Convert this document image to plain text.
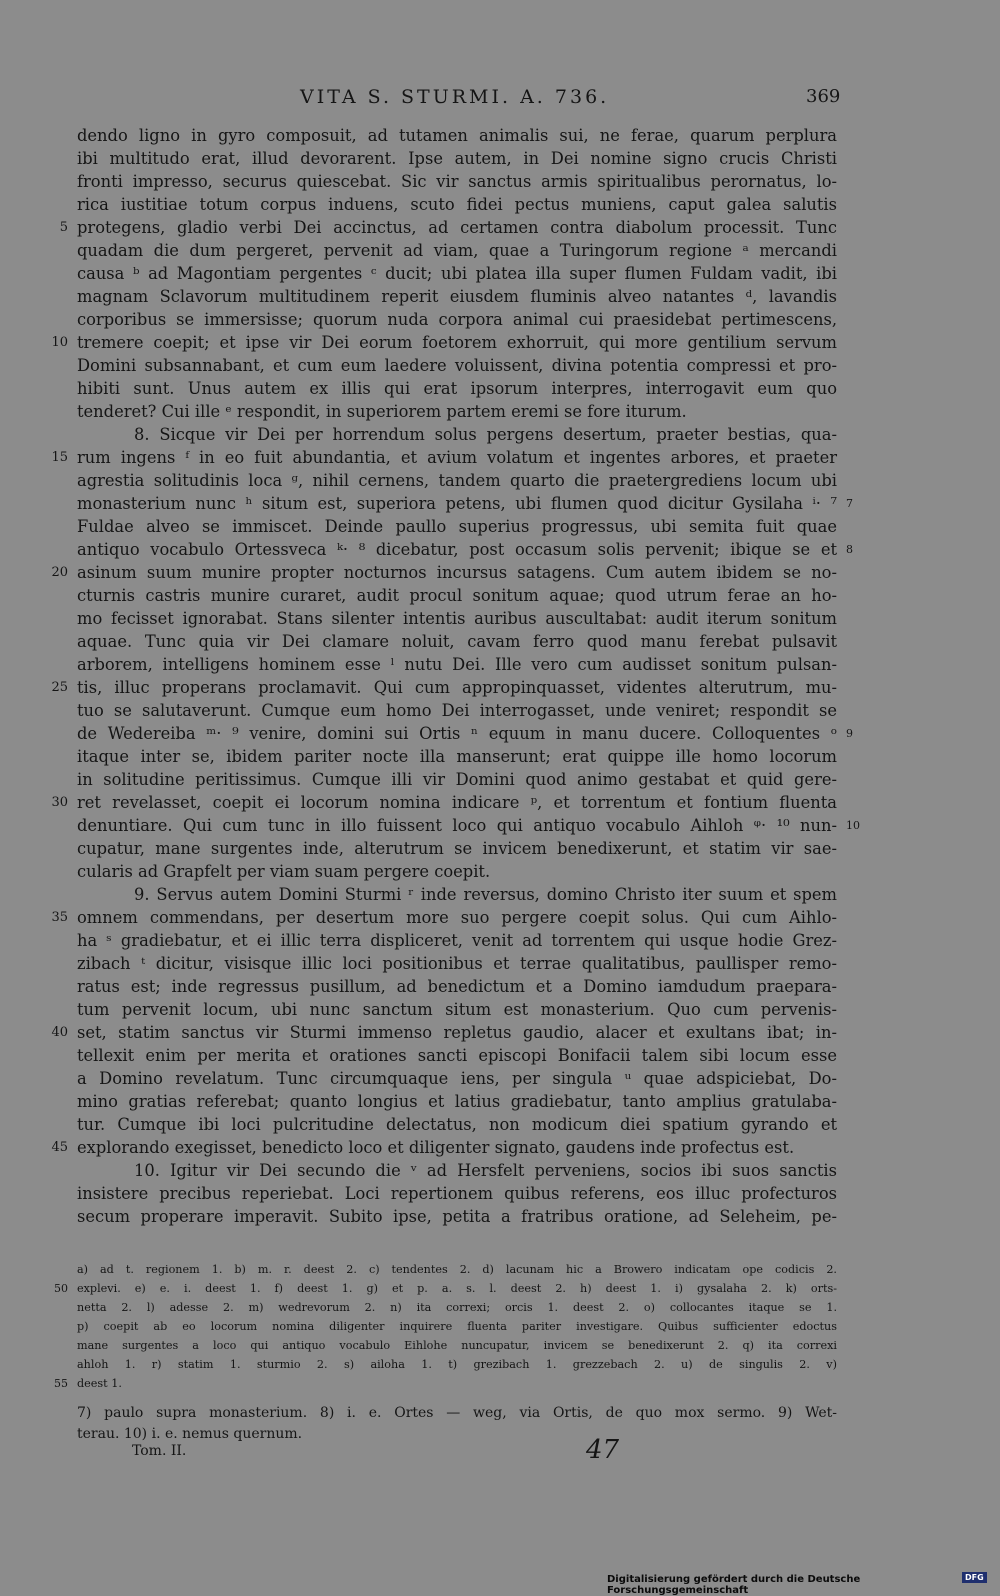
VITA S. STURMI. A. 736.	369
dendo ligno in gyro composuit, ad tutamen animalis sui, ne ferae, quarum perplura
ibi multitudo erat, illud devorarent. Ipse autem, in Dei nomine signo crucis Christi
fronti impresso, securus quiescebat. Sic vir sanctus armis spiritualibus perornatus, lo-
rica iustitiae totum corpus induens, scuto fidei pectus muniens, caput galea salutis
5 protegens, gladio verbi Dei accinctus, ad certamen contra diabolum processit. Tunc
quadam die dum pergeret, pervenit ad viam, quae a Turingorum regione ᵃ mercandi
causa ᵇ ad Magontiam pergentes ᶜ ducit; ubi platea illa super flumen Fuldam vadit, ibi
magnam Sclavorum multitudinem reperit eiusdem fluminis alveo natantes ᵈ, lavandis
corporibus se immersisse; quorum nuda corpora animal cui praesidebat pertimescens,
10 tremere coepit; et ipse vir Dei eorum foetorem exhorruit, qui more gentilium servum
Domini subsannabant, et cum eum laedere voluissent, divina potentia compressi et pro-
hibiti sunt. Unus autem ex illis qui erat ipsorum interpres, interrogavit eum quo
tenderet? Cui ille ᵉ respondit, in superiorem partem eremi se fore iturum.
8. Sicque vir Dei per horrendum solus pergens desertum, praeter bestias, qua-
15 rum ingens ᶠ in eo fuit abundantia, et avium volatum et ingentes arbores, et praeter
agrestia solitudinis loca ᵍ, nihil cernens, tandem quarto die praetergrediens locum ubi
monasterium nunc ʰ situm est, superiora petens, ubi flumen quod dicitur Gysilaha ⁱ· ⁷ 7
Fuldae alveo se immiscet. Deinde paullo superius progressus, ubi semita fuit quae
antiquo vocabulo Ortessveca ᵏ· ⁸ dicebatur, post occasum solis pervenit; ibique se et 8
20 asinum suum munire propter nocturnos incursus satagens. Cum autem ibidem se no-
cturnis castris munire curaret, audit procul sonitum aquae; quod utrum ferae an ho-
mo fecisset ignorabat. Stans silenter intentis auribus auscultabat: audit iterum sonitum
aquae. Tunc quia vir Dei clamare noluit, cavam ferro quod manu ferebat pulsavit
arborem, intelligens hominem esse ˡ nutu Dei. Ille vero cum audisset sonitum pulsan-
25 tis, illuc properans proclamavit. Qui cum appropinquasset, videntes alterutrum, mu-
tuo se salutaverunt. Cumque eum homo Dei interrogasset, unde veniret; respondit se
de Wedereiba ᵐ· ⁹ venire, domini sui Ortis ⁿ equum in manu ducere. Colloquentes ᵒ 9
itaque inter se, ibidem pariter nocte illa manserunt; erat quippe ille homo locorum
in solitudine peritissimus. Cumque illi vir Domini quod animo gestabat et quid gere-
30 ret revelasset, coepit ei locorum nomina indicare ᵖ, et torrentum et fontium fluenta
denuntiare. Qui cum tunc in illo fuissent loco qui antiquo vocabulo Aihloh ᵠ· ¹⁰ nun- 10
cupatur, mane surgentes inde, alterutrum se invicem benedixerunt, et statim vir sae-
cularis ad Grapfelt per viam suam pergere coepit.
9. Servus autem Domini Sturmi ʳ inde reversus, domino Christo iter suum et spem
35 omnem commendans, per desertum more suo pergere coepit solus. Qui cum Aihlo-
ha ˢ gradiebatur, et ei illic terra displiceret, venit ad torrentem qui usque hodie Grez-
zibach ᵗ dicitur, visisque illic loci positionibus et terrae qualitatibus, paullisper remo-
ratus est; inde regressus pusillum, ad benedictum et a Domino iamdudum praepara-
tum pervenit locum, ubi nunc sanctum situm est monasterium. Quo cum pervenis-
40 set, statim sanctus vir Sturmi immenso repletus gaudio, alacer et exultans ibat; in-
tellexit enim per merita et orationes sancti episcopi Bonifacii talem sibi locum esse
a Domino revelatum. Tunc circumquaque iens, per singula ᵘ quae adspiciebat, Do-
mino gratias referebat; quanto longius et latius gradiebatur, tanto amplius gratulaba-
tur. Cumque ibi loci pulcritudine delectatus, non modicum diei spatium gyrando et
45 explorando exegisset, benedicto loco et diligenter signato, gaudens inde profectus est.
10. Igitur vir Dei secundo die ᵛ ad Hersfelt perveniens, socios ibi suos sanctis
insistere precibus reperiebat. Loci repertionem quibus referens, eos illuc profecturos
secum properare imperavit. Subito ipse, petita a fratribus oratione, ad Seleheim, pe-
a) ad t. regionem 1. b) m. r. deest 2. c) tendentes 2. d) lacunam hic a Browero indicatam ope codicis 2.
50 explevi. e) e. i. deest 1. f) deest 1. g) et p. a. s. l. deest 2. h) deest 1. i) gysalaha 2. k) orts-
netta 2. l) adesse 2. m) wedrevorum 2. n) ita correxi; orcis 1. deest 2. o) collocantes itaque se 1.
p) coepit ab eo locorum nomina diligenter inquirere fluenta pariter investigare. Quibus sufficienter edoctus
mane surgentes a loco qui antiquo vocabulo Eihlohe nuncupatur, invicem se benedixerunt 2. q) ita correxi
ahloh 1. r) statim 1. sturmio 2. s) ailoha 1. t) grezibach 1. grezzebach 2. u) de singulis 2. v)
55 deest 1.
7) paulo supra monasterium. 8) i. e. Ortes — weg, via Ortis, de quo mox sermo. 9) Wet-
terau. 10) i. e. nemus quernum.
Tom. II.	47
Digitalisierung gefördert durch die Deutsche Forschungsgemeinschaft
DFG
